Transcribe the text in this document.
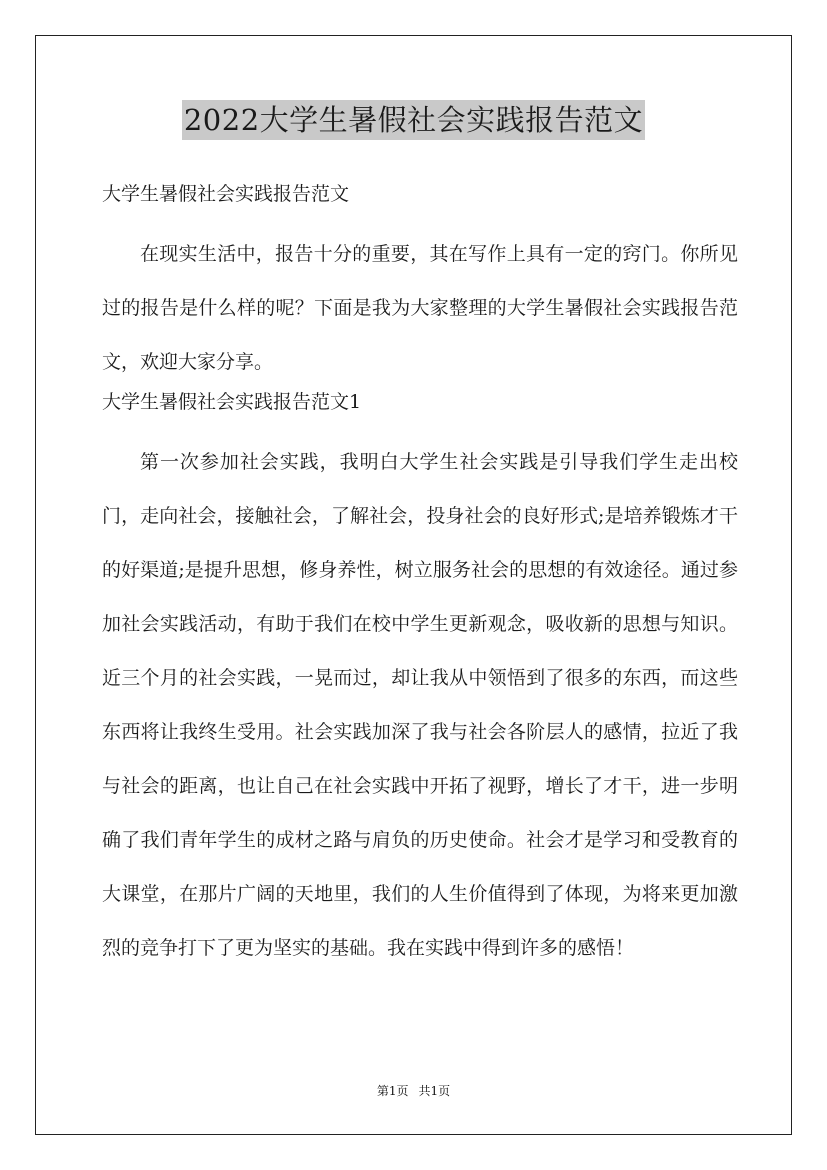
2022大学生暑假社会实践报告范文

大学生暑假社会实践报告范文

在现实生活中，报告十分的重要，其在写作上具有一定的窍门。你所见过的报告是什么样的呢？下面是我为大家整理的大学生暑假社会实践报告范文，欢迎大家分享。

大学生暑假社会实践报告范文1

第一次参加社会实践，我明白大学生社会实践是引导我们学生走出校门，走向社会，接触社会，了解社会，投身社会的良好形式;是培养锻炼才干的好渠道;是提升思想，修身养性，树立服务社会的思想的有效途径。通过参加社会实践活动，有助于我们在校中学生更新观念，吸收新的思想与知识。近三个月的社会实践，一晃而过，却让我从中领悟到了很多的东西，而这些东西将让我终生受用。社会实践加深了我与社会各阶层人的感情，拉近了我与社会的距离，也让自己在社会实践中开拓了视野，增长了才干，进一步明确了我们青年学生的成材之路与肩负的历史使命。社会才是学习和受教育的大课堂，在那片广阔的天地里，我们的人生价值得到了体现，为将来更加激烈的竞争打下了更为坚实的基础。我在实践中得到许多的感悟！

第1页 共1页
